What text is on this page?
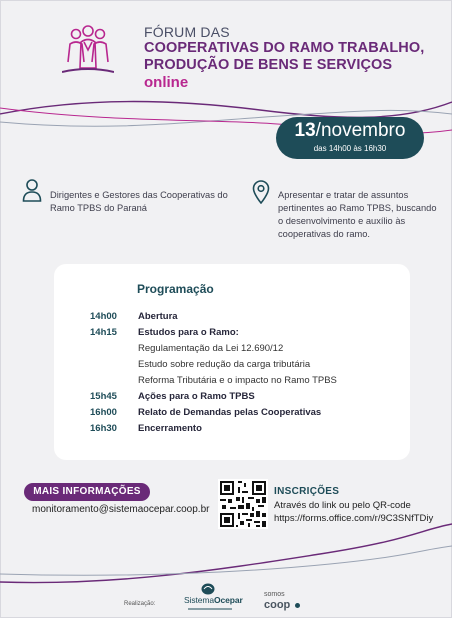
FÓRUM DAS
COOPERATIVAS DO RAMO TRABALHO,
PRODUÇÃO DE BENS E SERVIÇOS
online
13/novembro
das 14h00 às 16h30
Dirigentes e Gestores das Cooperativas do Ramo TPBS do Paraná
Apresentar e tratar de assuntos pertinentes ao Ramo TPBS, buscando o desenvolvimento e auxílio às cooperativas do ramo.
Programação
14h00 Abertura
14h15 Estudos para o Ramo:
Regulamentação da Lei 12.690/12
Estudo sobre redução da carga tributária
Reforma Tributária e o impacto no Ramo TPBS
15h45 Ações para o Ramo TPBS
16h00 Relato de Demandas pelas Cooperativas
16h30 Encerramento
MAIS INFORMAÇÕES
monitoramento@sistemaocepar.coop.br
INSCRIÇÕES
Através do link ou pelo QR-code
https://forms.office.com/r/9C3SNfTDiy
Realização:	SistemaOcepar
somos
coop
